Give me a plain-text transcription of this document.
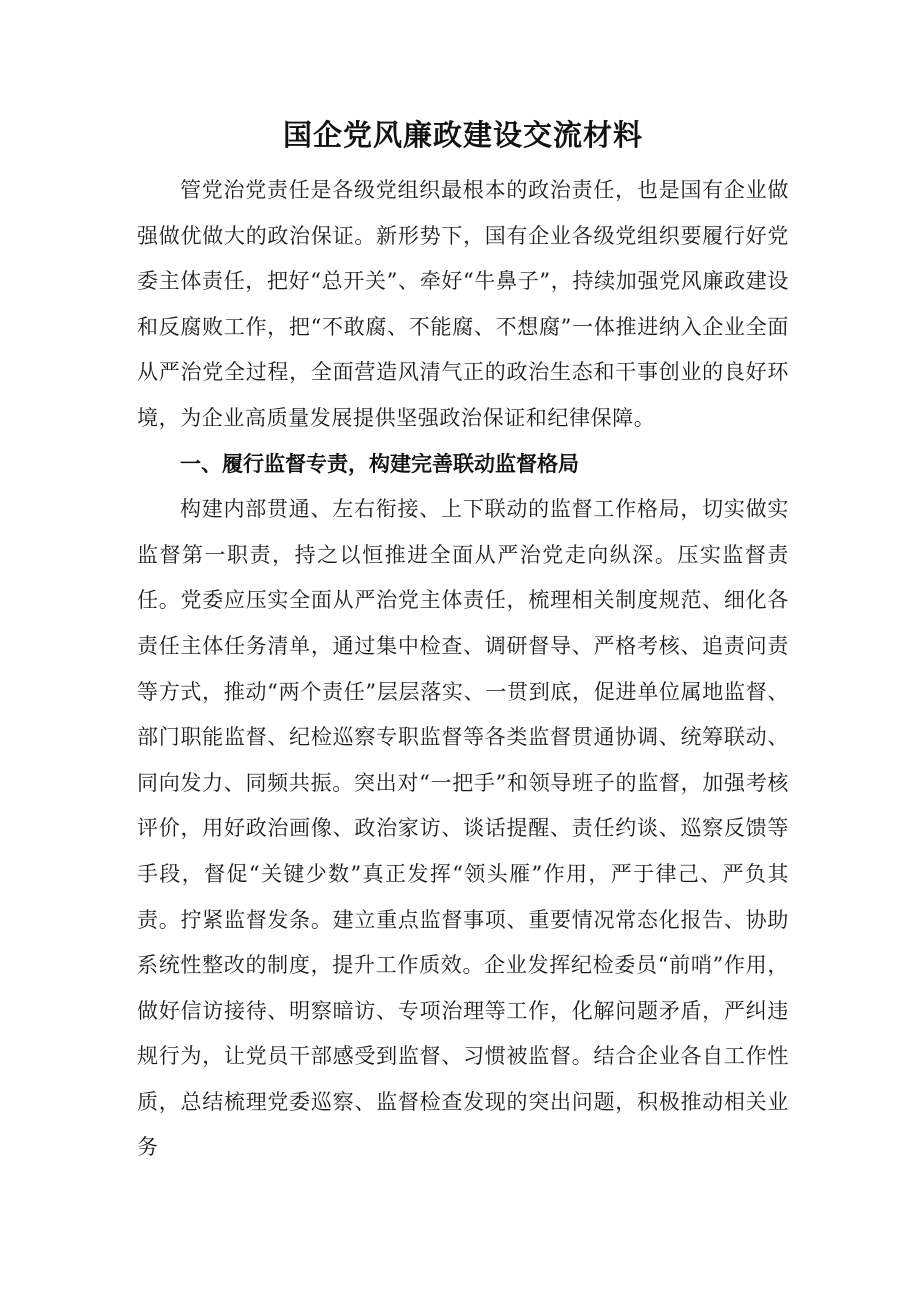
国企党风廉政建设交流材料

管党治党责任是各级党组织最根本的政治责任，也是国有企业做强做优做大的政治保证。新形势下，国有企业各级党组织要履行好党委主体责任，把好“总开关”、牵好“牛鼻子”，持续加强党风廉政建设和反腐败工作，把“不敢腐、不能腐、不想腐”一体推进纳入企业全面从严治党全过程，全面营造风清气正的政治生态和干事创业的良好环境，为企业高质量发展提供坚强政治保证和纪律保障。

一、履行监督专责，构建完善联动监督格局

构建内部贯通、左右衔接、上下联动的监督工作格局，切实做实监督第一职责，持之以恒推进全面从严治党走向纵深。压实监督责任。党委应压实全面从严治党主体责任，梳理相关制度规范、细化各责任主体任务清单，通过集中检查、调研督导、严格考核、追责问责等方式，推动“两个责任”层层落实、一贯到底，促进单位属地监督、部门职能监督、纪检巡察专职监督等各类监督贯通协调、统筹联动、同向发力、同频共振。突出对“一把手”和领导班子的监督，加强考核评价，用好政治画像、政治家访、谈话提醒、责任约谈、巡察反馈等手段，督促“关键少数”真正发挥“领头雁”作用，严于律己、严负其责。拧紧监督发条。建立重点监督事项、重要情况常态化报告、协助系统性整改的制度，提升工作质效。企业发挥纪检委员“前哨”作用，做好信访接待、明察暗访、专项治理等工作，化解问题矛盾，严纠违规行为，让党员干部感受到监督、习惯被监督。结合企业各自工作性质，总结梳理党委巡察、监督检查发现的突出问题，积极推动相关业务
